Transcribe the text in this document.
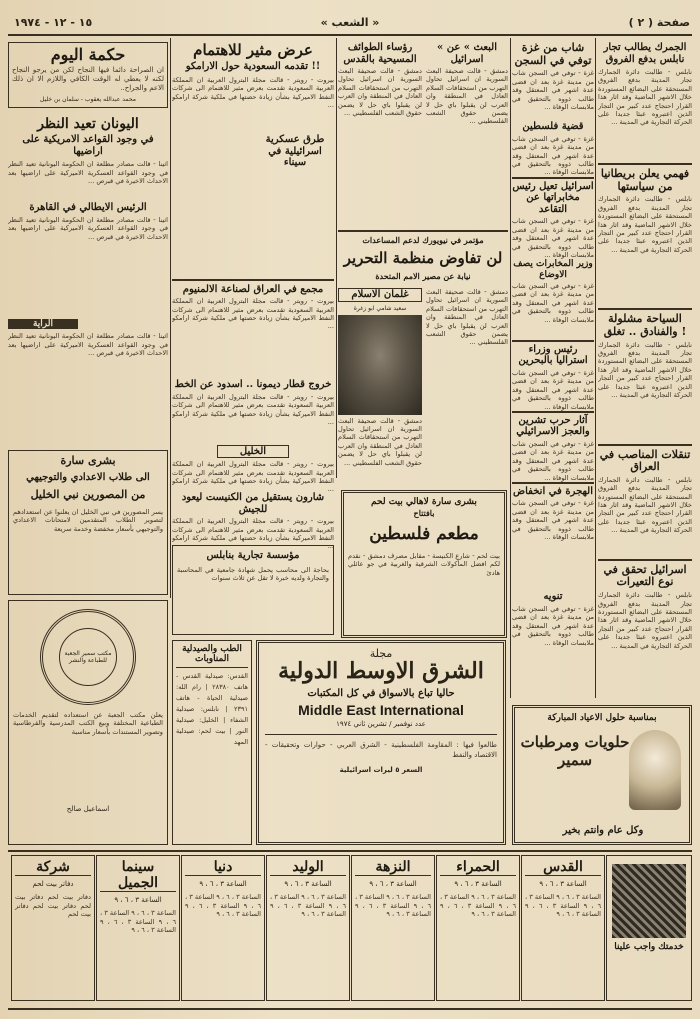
١٥ - ١٢ - ١٩٧٤	« الشعب »	صفحة ( ٢ )
الجمرك يطالب تجار نابلس بدفع الفروق
نابلس - طالبت دائرة الجمارك تجار المدينة بدفع الفروق المستحقة على البضائع المستوردة خلال الاشهر الماضية وقد اثار هذا القرار احتجاج عدد كبير من التجار الذين اعتبروه عبئا جديدا على الحركة التجارية في المدينة ...
فهمي يعلن بريطانيا من سياستها
نابلس - طالبت دائرة الجمارك تجار المدينة بدفع الفروق المستحقة على البضائع المستوردة خلال الاشهر الماضية وقد اثار هذا القرار احتجاج عدد كبير من التجار الذين اعتبروه عبئا جديدا على الحركة التجارية في المدينة ...
السياحة مشلولة والفنادق .. تغلق !
نابلس - طالبت دائرة الجمارك تجار المدينة بدفع الفروق المستحقة على البضائع المستوردة خلال الاشهر الماضية وقد اثار هذا القرار احتجاج عدد كبير من التجار الذين اعتبروه عبئا جديدا على الحركة التجارية في المدينة ...
تنقلات المناصب في العراق
نابلس - طالبت دائرة الجمارك تجار المدينة بدفع الفروق المستحقة على البضائع المستوردة خلال الاشهر الماضية وقد اثار هذا القرار احتجاج عدد كبير من التجار الذين اعتبروه عبئا جديدا على الحركة التجارية في المدينة ...
اسرائيل تحقق في نوع التعيرات
نابلس - طالبت دائرة الجمارك تجار المدينة بدفع الفروق المستحقة على البضائع المستوردة خلال الاشهر الماضية وقد اثار هذا القرار احتجاج عدد كبير من التجار الذين اعتبروه عبئا جديدا على الحركة التجارية في المدينة ...
شاب من غزة توفي في السجن
غزة - توفي في السجن شاب من مدينة غزة بعد ان قضى عدة اشهر في المعتقل وقد طالب ذووه بالتحقيق في ملابسات الوفاة ...
قضية فلسطين
غزة - توفي في السجن شاب من مدينة غزة بعد ان قضى عدة اشهر في المعتقل وقد طالب ذووه بالتحقيق في ملابسات الوفاة ...
اسرائيل تعيل رئيس مخابراتها عن التقاعد
غزة - توفي في السجن شاب من مدينة غزة بعد ان قضى عدة اشهر في المعتقل وقد طالب ذووه بالتحقيق في ملابسات الوفاة ...
وزير المخابرات يصف الاوضاع
غزة - توفي في السجن شاب من مدينة غزة بعد ان قضى عدة اشهر في المعتقل وقد طالب ذووه بالتحقيق في ملابسات الوفاة ...
رئيس وزراء استراليا بالبحرين
غزة - توفي في السجن شاب من مدينة غزة بعد ان قضى عدة اشهر في المعتقل وقد طالب ذووه بالتحقيق في ملابسات الوفاة ...
آثار حرب تشرين والعجز الاسرائيلي
غزة - توفي في السجن شاب من مدينة غزة بعد ان قضى عدة اشهر في المعتقل وقد طالب ذووه بالتحقيق في ملابسات الوفاة ...
الهجرة في انخفاض
غزة - توفي في السجن شاب من مدينة غزة بعد ان قضى عدة اشهر في المعتقل وقد طالب ذووه بالتحقيق في ملابسات الوفاة ...
تنويه
غزة - توفي في السجن شاب من مدينة غزة بعد ان قضى عدة اشهر في المعتقل وقد طالب ذووه بالتحقيق في ملابسات الوفاة ...
« البعث » عن اسرائيل
دمشق - قالت صحيفة البعث السورية ان اسرائيل تحاول التهرب من استحقاقات السلام العادل في المنطقة وان العرب لن يقبلوا باي حل لا يضمن حقوق الشعب الفلسطيني ...
رؤساء الطوائف المسيحية بالقدس
دمشق - قالت صحيفة البعث السورية ان اسرائيل تحاول التهرب من استحقاقات السلام العادل في المنطقة وان العرب لن يقبلوا باي حل لا يضمن حقوق الشعب الفلسطيني ...
مؤتمر في نيويورك لدعم المساعدات
لن تفاوض منظمة التحرير
نيابة عن مصير الامم المتحدة
دمشق - قالت صحيفة البعث السورية ان اسرائيل تحاول التهرب من استحقاقات السلام العادل في المنطقة وان العرب لن يقبلوا باي حل لا يضمن حقوق الشعب الفلسطيني ...
غلمان الاسلام
سعيد شامي ابو زغرة
دمشق - قالت صحيفة البعث السورية ان اسرائيل تحاول التهرب من استحقاقات السلام العادل في المنطقة وان العرب لن يقبلوا باي حل لا يضمن حقوق الشعب الفلسطيني ...
عرض مثير للاهتمام
تقدمه السعودية حول الارامكو !!
بيروت - رويتر - قالت مجلة البترول العربية ان المملكة العربية السعودية تقدمت بعرض مثير للاهتمام الى شركات النفط الاميركية بشأن زيادة حصتها في ملكية شركة ارامكو ...
طرق عسكرية اسرائيلية في سيناء
مجمع في العراق لصناعة الالمنيوم
بيروت - رويتر - قالت مجلة البترول العربية ان المملكة العربية السعودية تقدمت بعرض مثير للاهتمام الى شركات النفط الاميركية بشأن زيادة حصتها في ملكية شركة ارامكو ...
خروج قطار ديمونا .. اسدود عن الخط
بيروت - رويتر - قالت مجلة البترول العربية ان المملكة العربية السعودية تقدمت بعرض مثير للاهتمام الى شركات النفط الاميركية بشأن زيادة حصتها في ملكية شركة ارامكو ...
الخليل
بيروت - رويتر - قالت مجلة البترول العربية ان المملكة العربية السعودية تقدمت بعرض مثير للاهتمام الى شركات النفط الاميركية بشأن زيادة حصتها في ملكية شركة ارامكو ...
شارون يستقيل من الكنيست ليعود للجيش
بيروت - رويتر - قالت مجلة البترول العربية ان المملكة العربية السعودية تقدمت بعرض مثير للاهتمام الى شركات النفط الاميركية بشأن زيادة حصتها في ملكية شركة ارامكو ...
حكمة اليوم
ان الصراحة دائما فيها النجاح لكن من يرجو النجاح لكنه لا يعطي له الوقت الكافي واللازم الا ان ذلك الاعم والجراح..
محمد عبدالله يعقوب - سلمان بن خليل
اليونان تعيد النظر
في وجود القواعد الامريكية على اراضيها
اثينا - قالت مصادر مطلعة ان الحكومة اليونانية تعيد النظر في وجود القواعد العسكرية الاميركية على اراضيها بعد الاحداث الاخيرة في قبرص ...
الرئيس الايطالي في القاهرة
اثينا - قالت مصادر مطلعة ان الحكومة اليونانية تعيد النظر في وجود القواعد العسكرية الاميركية على اراضيها بعد الاحداث الاخيرة في قبرص ...
الراية
اثينا - قالت مصادر مطلعة ان الحكومة اليونانية تعيد النظر في وجود القواعد العسكرية الاميركية على اراضيها بعد الاحداث الاخيرة في قبرص ...
بشرى سارة
الى طلاب الاعدادي والتوجيهي
من المصورين نبي الخليل
يسر المصورين في نبي الخليل ان يعلنوا عن استعدادهم لتصوير الطلاب المتقدمين لامتحانات الاعدادي والتوجيهي بأسعار مخفضة وخدمة سريعة
بشرى سارة لاهالي بيت لحم
بافتتاح
مطعم فلسطين
بيت لحم - شارع الكنيسة - مقابل مصرف دمشق - نقدم لكم افضل المأكولات الشرقية والغربية في جو عائلي هادئ
مؤسسة تجارية بنابلس
بحاجة الى محاسب يحمل شهادة جامعية في المحاسبة والتجارة ولديه خبرة لا تقل عن ثلاث سنوات
الطب والصيدلية المناوبات
القدس: صيدلية القدس - هاتف ٢٨٣٨٠ | رام الله: صيدلية الحياة - هاتف ٢٣٩١ | نابلس: صيدلية الشفاء | الخليل: صيدلية النور | بيت لحم: صيدلية المهد
مجلة
الشرق الاوسط الدولية
حاليا تباع بالاسواق في كل المكتبات
Middle East International
عدد نوفمبر / تشرين ثاني ١٩٧٤
طالعوا فيها : المقاومة الفلسطينية - الشرق العربي - حوارات وتحقيقات - الاقتصاد والنفط
السعر ٥ ليرات اسرائيلية
بمناسبة حلول الاعياد المباركة
حلويات ومرطبات سمير
وكل عام وانتم بخير
مكتب سمير الجعبة للطباعة والنشر
يعلن مكتب الجعبة عن استعداده لتقديم الخدمات الطباعية المختلفة وبيع الكتب المدرسية والقرطاسية وتصوير المستندات بأسعار مناسبة
اسماعيل صالح
خدمتك واجب علينا
القدس
الساعة ٣ ، ٦ ، ٩
الساعة ٣ ، ٦ ، ٩ الساعة ٣ ، ٦ ، ٩ الساعة ٣ ، ٦ ، ٩ الساعة ٣ ، ٦ ، ٩
الحمراء
الساعة ٣ ، ٦ ، ٩
الساعة ٣ ، ٦ ، ٩ الساعة ٣ ، ٦ ، ٩ الساعة ٣ ، ٦ ، ٩ الساعة ٣ ، ٦ ، ٩
النزهة
الساعة ٣ ، ٦ ، ٩
الساعة ٣ ، ٦ ، ٩ الساعة ٣ ، ٦ ، ٩ الساعة ٣ ، ٦ ، ٩ الساعة ٣ ، ٦ ، ٩
الوليد
الساعة ٣ ، ٦ ، ٩
الساعة ٣ ، ٦ ، ٩ الساعة ٣ ، ٦ ، ٩ الساعة ٣ ، ٦ ، ٩ الساعة ٣ ، ٦ ، ٩
دنيا
الساعة ٣ ، ٦ ، ٩
الساعة ٣ ، ٦ ، ٩ الساعة ٣ ، ٦ ، ٩ الساعة ٣ ، ٦ ، ٩ الساعة ٣ ، ٦ ، ٩
سينما الجميل
الساعة ٣ ، ٦ ، ٩
الساعة ٣ ، ٦ ، ٩ الساعة ٣ ، ٦ ، ٩ الساعة ٣ ، ٦ ، ٩ الساعة ٣ ، ٦ ، ٩
شركة
دفاتر بيت لحم
دفاتر بيت لحم دفاتر بيت لحم دفاتر بيت لحم دفاتر بيت لحم
